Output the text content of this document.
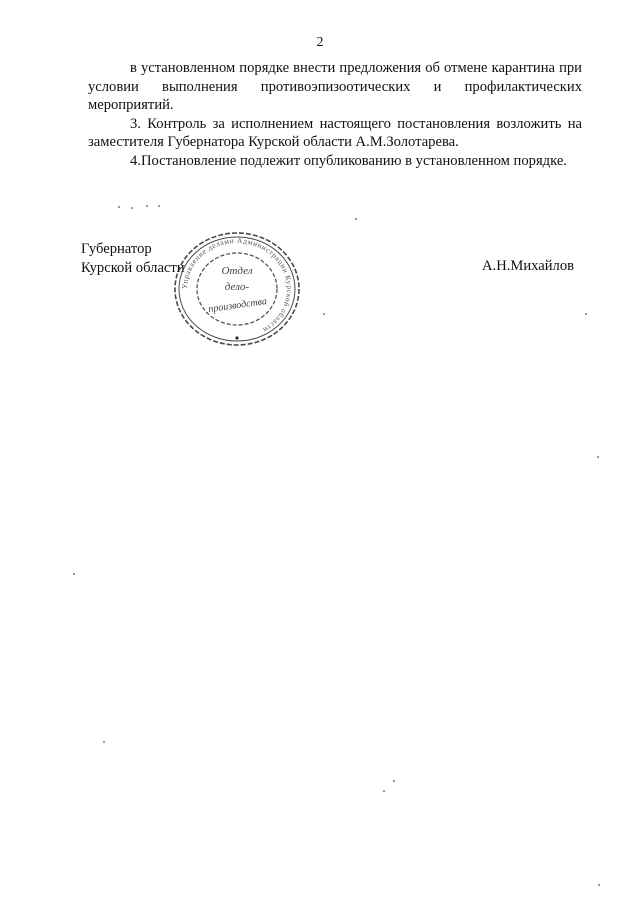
2

в установленном порядке внести предложения об отмене карантина при условии выполнения противоэпизоотических и профилактических мероприятий.

3. Контроль за исполнением настоящего постановления возложить на заместителя Губернатора Курской области А.М.Золотарева.

4.Постановление подлежит опубликованию в установленном порядке.

Губернатор
Курской области	А.Н.Михайлов
Управление делами Администрации Курской области
Отдел
дело-
производства
